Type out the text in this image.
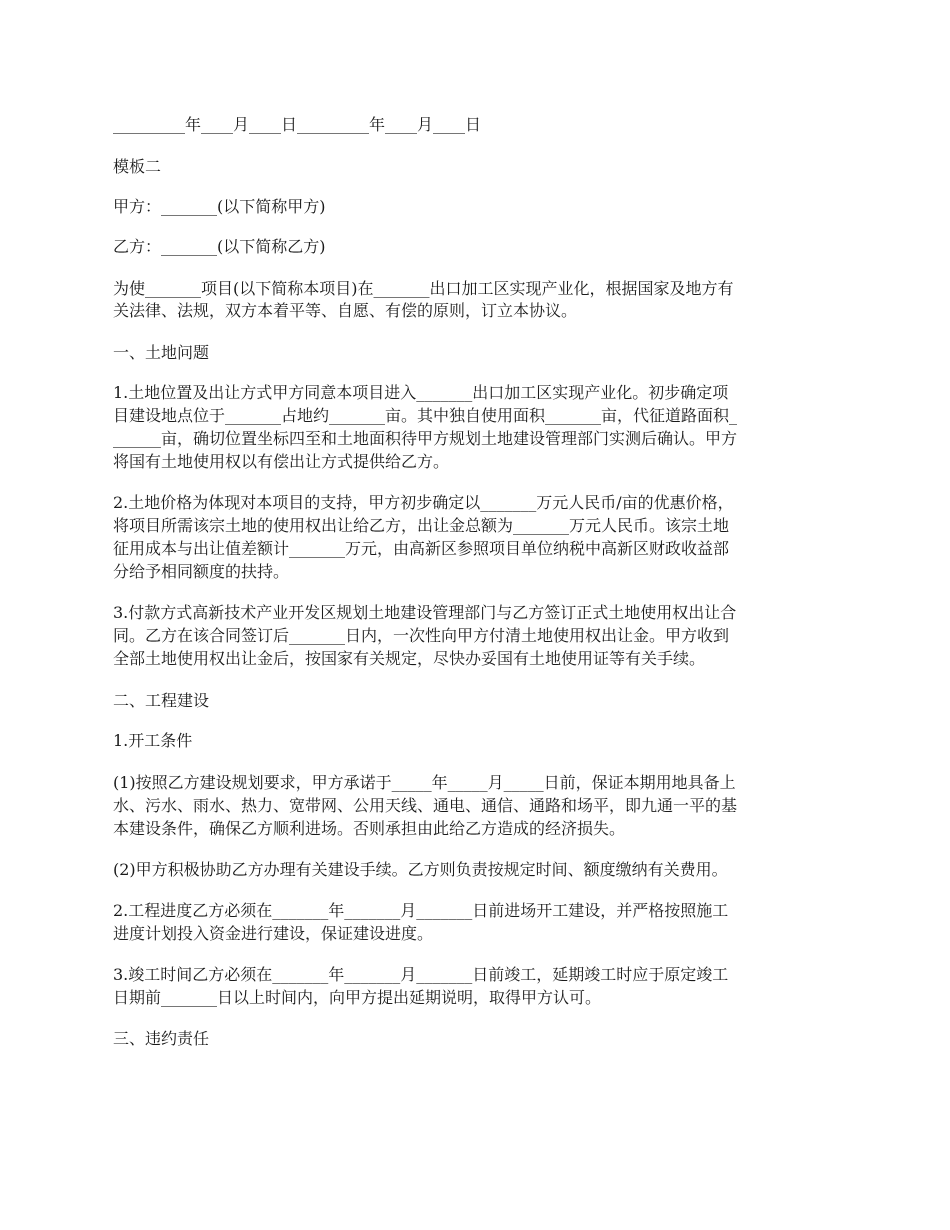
_________年____月____日_________年____月____日
模板二
甲方：_______(以下简称甲方)
乙方：_______(以下简称乙方)
为使_______项目(以下简称本项目)在_______出口加工区实现产业化，根据国家及地方有
关法律、法规，双方本着平等、自愿、有偿的原则，订立本协议。
一、土地问题
1.土地位置及出让方式甲方同意本项目进入_______出口加工区实现产业化。初步确定项
目建设地点位于_______占地约_______亩。其中独自使用面积_______亩，代征道路面积_
______亩，确切位置坐标四至和土地面积待甲方规划土地建设管理部门实测后确认。甲方
将国有土地使用权以有偿出让方式提供给乙方。
2.土地价格为体现对本项目的支持，甲方初步确定以_______万元人民币/亩的优惠价格，
将项目所需该宗土地的使用权出让给乙方，出让金总额为_______万元人民币。该宗土地
征用成本与出让值差额计_______万元，由高新区参照项目单位纳税中高新区财政收益部
分给予相同额度的扶持。
3.付款方式高新技术产业开发区规划土地建设管理部门与乙方签订正式土地使用权出让合
同。乙方在该合同签订后_______日内，一次性向甲方付清土地使用权出让金。甲方收到
全部土地使用权出让金后，按国家有关规定，尽快办妥国有土地使用证等有关手续。
二、工程建设
1.开工条件
(1)按照乙方建设规划要求，甲方承诺于_____年_____月_____日前，保证本期用地具备上
水、污水、雨水、热力、宽带网、公用天线、通电、通信、通路和场平，即九通一平的基
本建设条件，确保乙方顺利进场。否则承担由此给乙方造成的经济损失。
(2)甲方积极协助乙方办理有关建设手续。乙方则负责按规定时间、额度缴纳有关费用。
2.工程进度乙方必须在_______年_______月_______日前进场开工建设，并严格按照施工
进度计划投入资金进行建设，保证建设进度。
3.竣工时间乙方必须在_______年_______月_______日前竣工，延期竣工时应于原定竣工
日期前_______日以上时间内，向甲方提出延期说明，取得甲方认可。
三、违约责任
